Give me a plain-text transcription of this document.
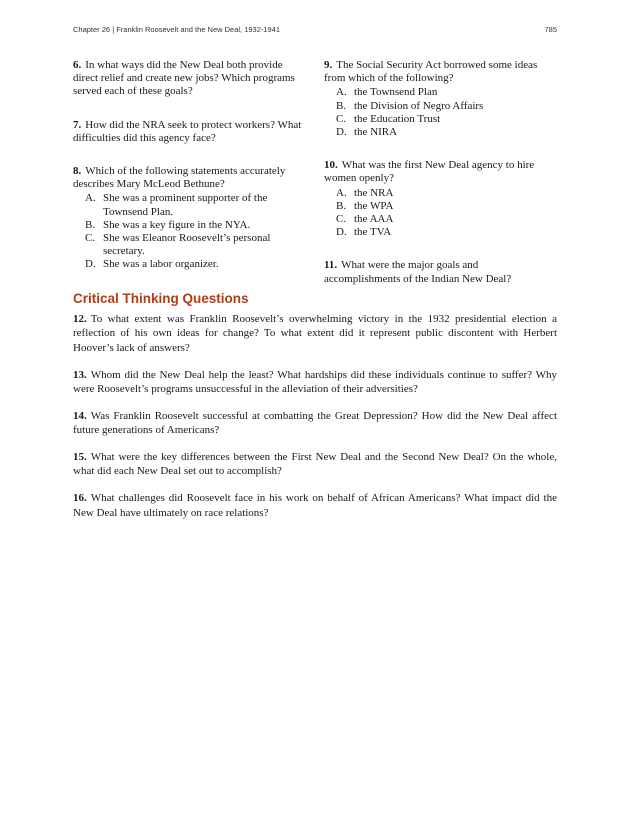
Chapter 26 | Franklin Roosevelt and the New Deal, 1932-1941	785
6. In what ways did the New Deal both provide direct relief and create new jobs? Which programs served each of these goals?
7. How did the NRA seek to protect workers? What difficulties did this agency face?
8. Which of the following statements accurately describes Mary McLeod Bethune?
A. She was a prominent supporter of the Townsend Plan.
B. She was a key figure in the NYA.
C. She was Eleanor Roosevelt’s personal secretary.
D. She was a labor organizer.
9. The Social Security Act borrowed some ideas from which of the following?
A. the Townsend Plan
B. the Division of Negro Affairs
C. the Education Trust
D. the NIRA
10. What was the first New Deal agency to hire women openly?
A. the NRA
B. the WPA
C. the AAA
D. the TVA
11. What were the major goals and accomplishments of the Indian New Deal?
Critical Thinking Questions

12. To what extent was Franklin Roosevelt’s overwhelming victory in the 1932 presidential election a reflection of his own ideas for change? To what extent did it represent public discontent with Herbert Hoover’s lack of answers?

13. Whom did the New Deal help the least? What hardships did these individuals continue to suffer? Why were Roosevelt’s programs unsuccessful in the alleviation of their adversities?

14. Was Franklin Roosevelt successful at combatting the Great Depression? How did the New Deal affect future generations of Americans?

15. What were the key differences between the First New Deal and the Second New Deal? On the whole, what did each New Deal set out to accomplish?

16. What challenges did Roosevelt face in his work on behalf of African Americans? What impact did the New Deal have ultimately on race relations?
